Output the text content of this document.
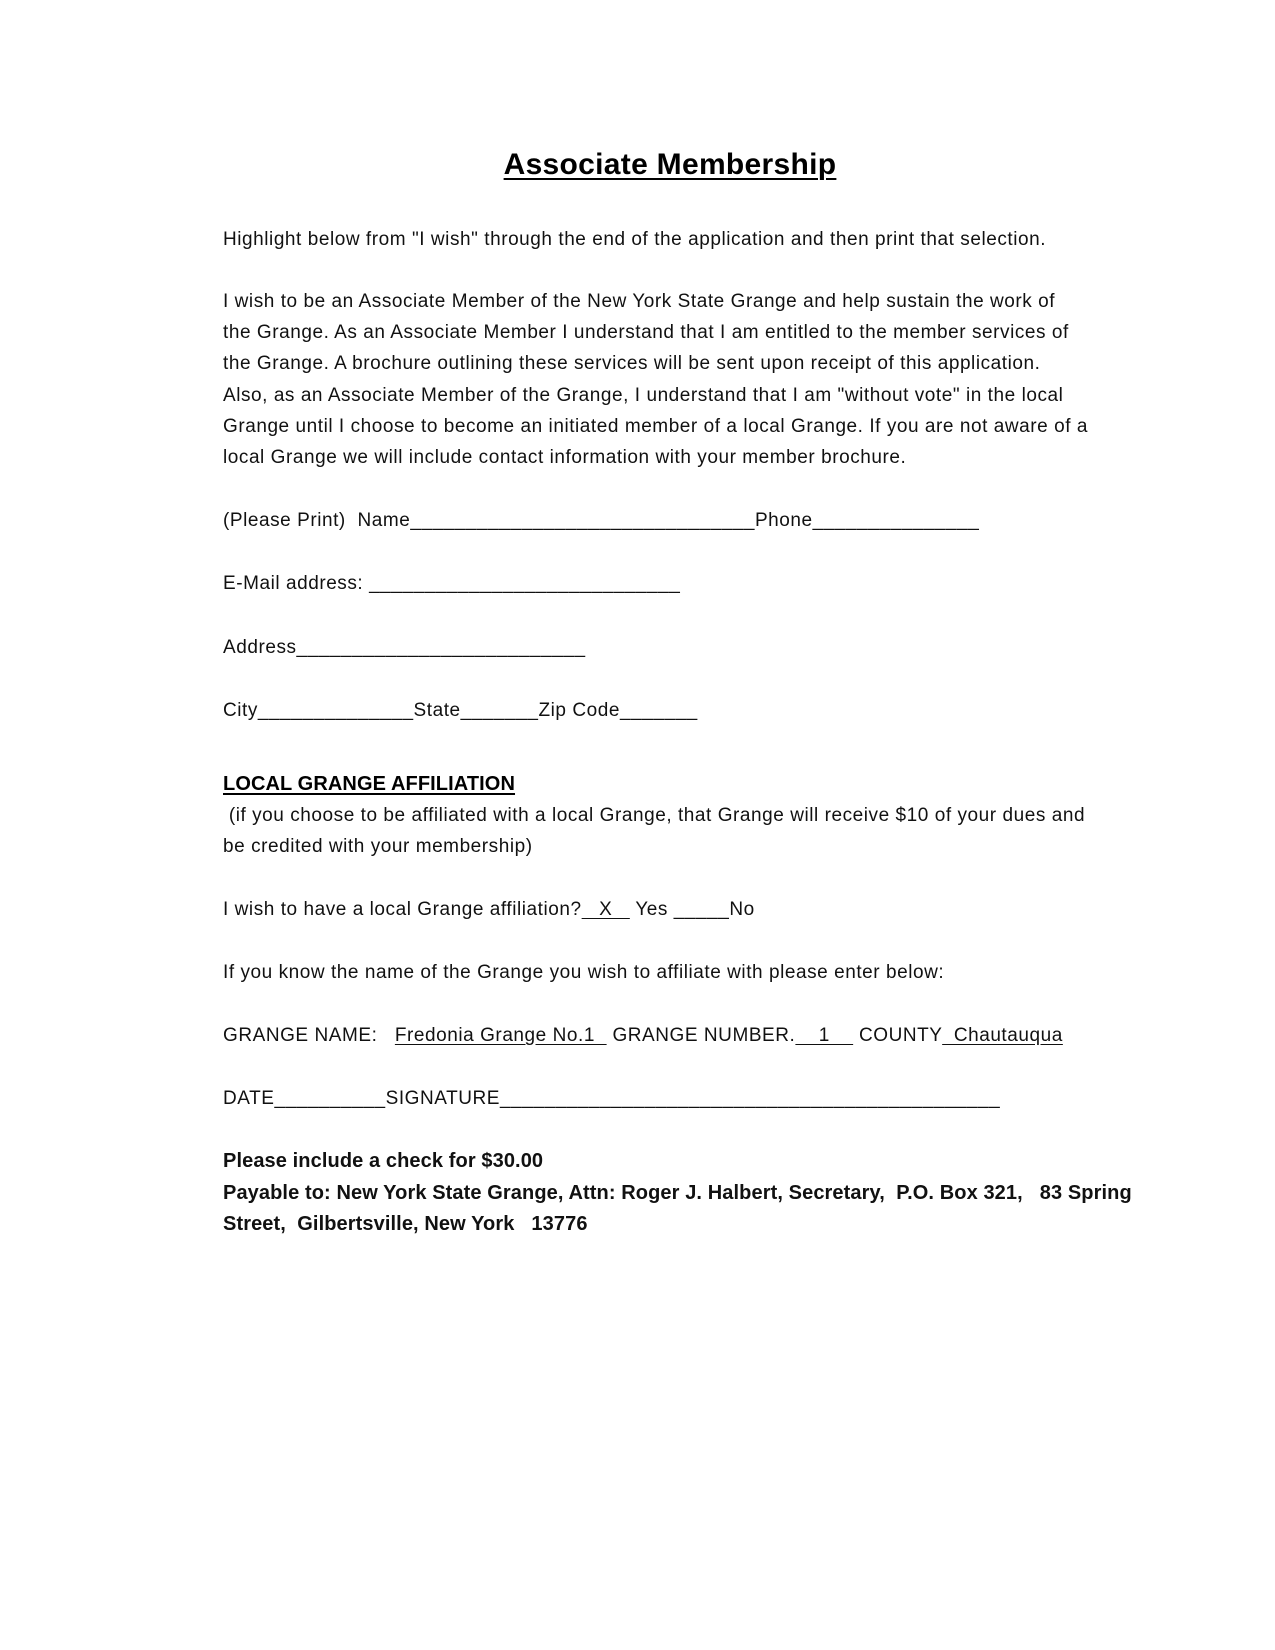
Associate Membership
Highlight below from "I wish" through the end of the application and then print that selection.
I wish to be an Associate Member of the New York State Grange and help sustain the work of
the Grange. As an Associate Member I understand that I am entitled to the member services of
the Grange. A brochure outlining these services will be sent upon receipt of this application.
Also, as an Associate Member of the Grange, I understand that I am "without vote" in the local
Grange until I choose to become an initiated member of a local Grange. If you are not aware of a
local Grange we will include contact information with your member brochure.
(Please Print)  Name_______________________________Phone_______________
E-Mail address: ____________________________
Address__________________________
City______________State_______Zip Code_______
LOCAL GRANGE AFFILIATION
(if you choose to be affiliated with a local Grange, that Grange will receive $10 of your dues and
be credited with your membership)
I wish to have a local Grange affiliation?   X    Yes _____No
If you know the name of the Grange you wish to affiliate with please enter below:
GRANGE NAME:   Fredonia Grange No.1   GRANGE NUMBER.    1     COUNTY  Chautauqua
DATE__________SIGNATURE_____________________________________________
Please include a check for $30.00
Payable to: New York State Grange, Attn: Roger J. Halbert, Secretary,  P.O. Box 321,   83 Spring
Street,  Gilbertsville, New York   13776
